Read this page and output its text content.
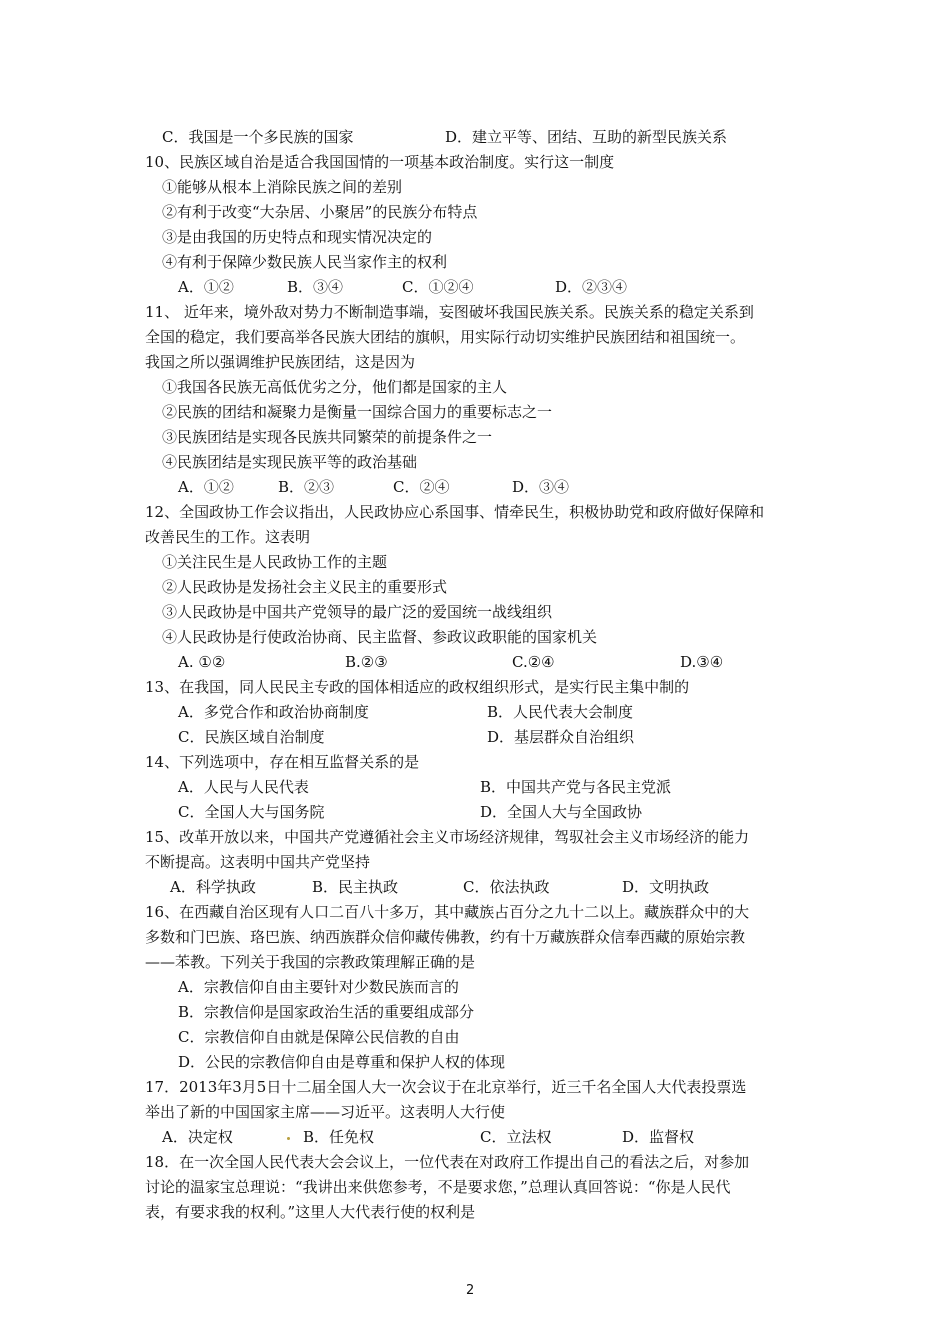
C．我国是一个多民族的国家	D．建立平等、团结、互助的新型民族关系
10、民族区域自治是适合我国国情的一项基本政治制度。实行这一制度
①能够从根本上消除民族之间的差别
②有利于改变“大杂居、小聚居”的民族分布特点
③是由我国的历史特点和现实情况决定的
④有利于保障少数民族人民当家作主的权利
A．①②	B．③④	C．①②④	D．②③④
11、 近年来，境外敌对势力不断制造事端，妄图破坏我国民族关系。民族关系的稳定关系到
全国的稳定，我们要高举各民族大团结的旗帜，用实际行动切实维护民族团结和祖国统一。
我国之所以强调维护民族团结，这是因为
①我国各民族无高低优劣之分，他们都是国家的主人
②民族的团结和凝聚力是衡量一国综合国力的重要标志之一
③民族团结是实现各民族共同繁荣的前提条件之一
④民族团结是实现民族平等的政治基础
A．①②	B．②③	C．②④	D．③④
12、全国政协工作会议指出，人民政协应心系国事、情牵民生，积极协助党和政府做好保障和
改善民生的工作。这表明
①关注民生是人民政协工作的主题
②人民政协是发扬社会主义民主的重要形式
③人民政协是中国共产党领导的最广泛的爱国统一战线组织
④人民政协是行使政治协商、民主监督、参政议政职能的国家机关
A. ①②	B.②③	C.②④	D.③④
13、在我国，同人民民主专政的国体相适应的政权组织形式，是实行民主集中制的
A．多党合作和政治协商制度	B．人民代表大会制度
C．民族区域自治制度	D．基层群众自治组织
14、下列选项中，存在相互监督关系的是
A．人民与人民代表	B．中国共产党与各民主党派
C．全国人大与国务院	D．全国人大与全国政协
15、改革开放以来，中国共产党遵循社会主义市场经济规律，驾驭社会主义市场经济的能力
不断提高。这表明中国共产党坚持
A．科学执政	B．民主执政	C．依法执政	D．文明执政
16、在西藏自治区现有人口二百八十多万，其中藏族占百分之九十二以上。藏族群众中的大
多数和门巴族、珞巴族、纳西族群众信仰藏传佛教，约有十万藏族群众信奉西藏的原始宗教
——苯教。下列关于我国的宗教政策理解正确的是
A．宗教信仰自由主要针对少数民族而言的
B．宗教信仰是国家政治生活的重要组成部分
C．宗教信仰自由就是保障公民信教的自由
D．公民的宗教信仰自由是尊重和保护人权的体现
17．2013年3月5日十二届全国人大一次会议于在北京举行，近三千名全国人大代表投票选
举出了新的中国国家主席——习近平。这表明人大行使
A．决定权	B．任免权	C．立法权	D．监督权
18．在一次全国人民代表大会会议上，一位代表在对政府工作提出自己的看法之后，对参加
讨论的温家宝总理说：“我讲出来供您参考，不是要求您，”总理认真回答说：“你是人民代
表，有要求我的权利。”这里人大代表行使的权利是
2
